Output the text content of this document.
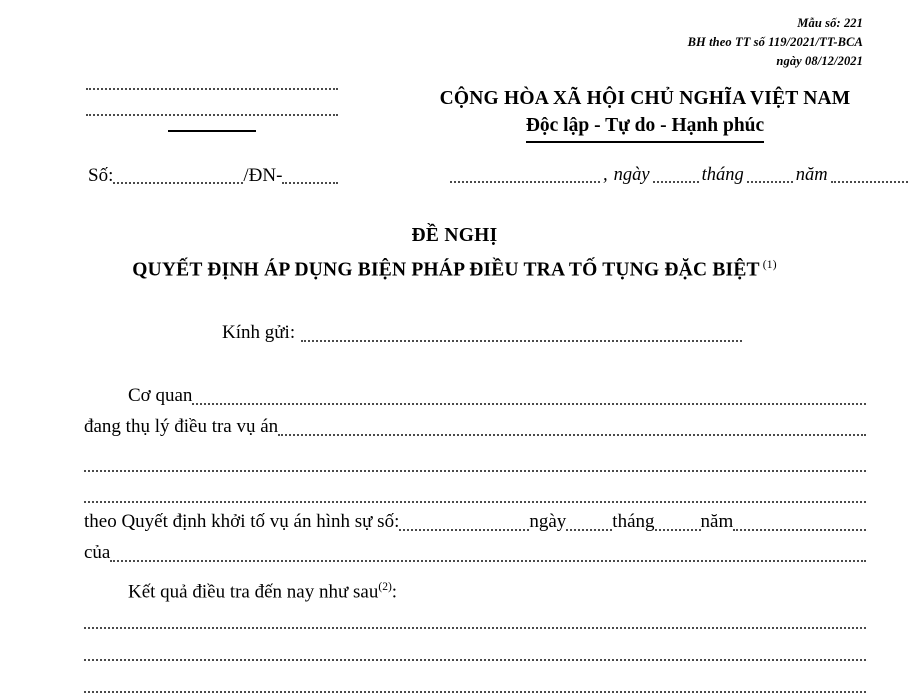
Mẫu số: 221
BH theo TT số 119/2021/TT-BCA
ngày 08/12/2021
Số:	/ĐN-
CỘNG HÒA XÃ HỘI CHỦ NGHĨA VIỆT NAM
Độc lập - Tự do - Hạnh phúc
, ngày	tháng	năm
ĐỀ NGHỊ
QUYẾT ĐỊNH ÁP DỤNG BIỆN PHÁP ĐIỀU TRA TỐ TỤNG ĐẶC BIỆT $^{(1)}$
Kính gửi:
Cơ quan
đang thụ lý điều tra vụ án
theo Quyết định khởi tố vụ án hình sự số:	ngày tháng năm
của
Kết quả điều tra đến nay như sau$^{(2)}$:
